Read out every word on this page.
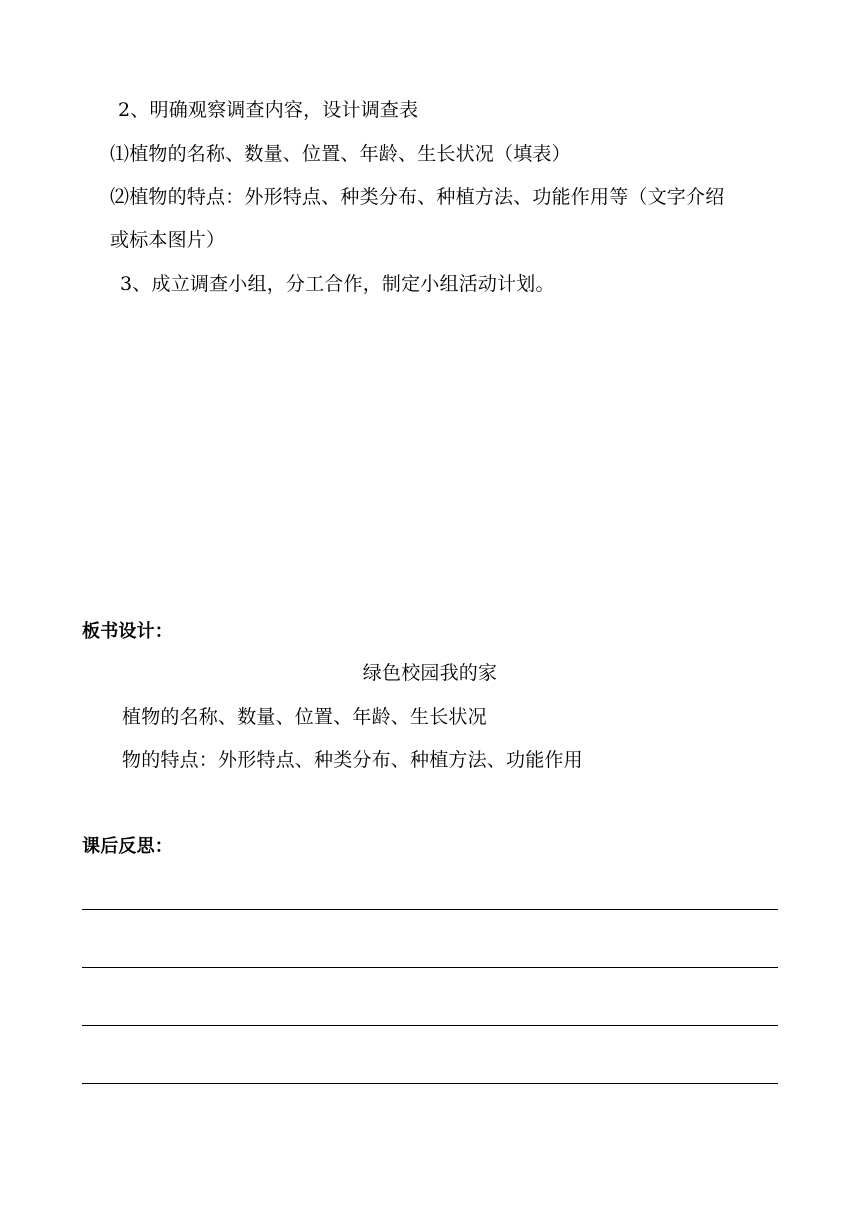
2、明确观察调查内容，设计调查表
⑴植物的名称、数量、位置、年龄、生长状况（填表）
⑵植物的特点：外形特点、种类分布、种植方法、功能作用等（文字介绍
或标本图片）
3、成立调查小组，分工合作，制定小组活动计划。
板书设计：
绿色校园我的家
植物的名称、数量、位置、年龄、生长状况
物的特点：外形特点、种类分布、种植方法、功能作用
课后反思：
